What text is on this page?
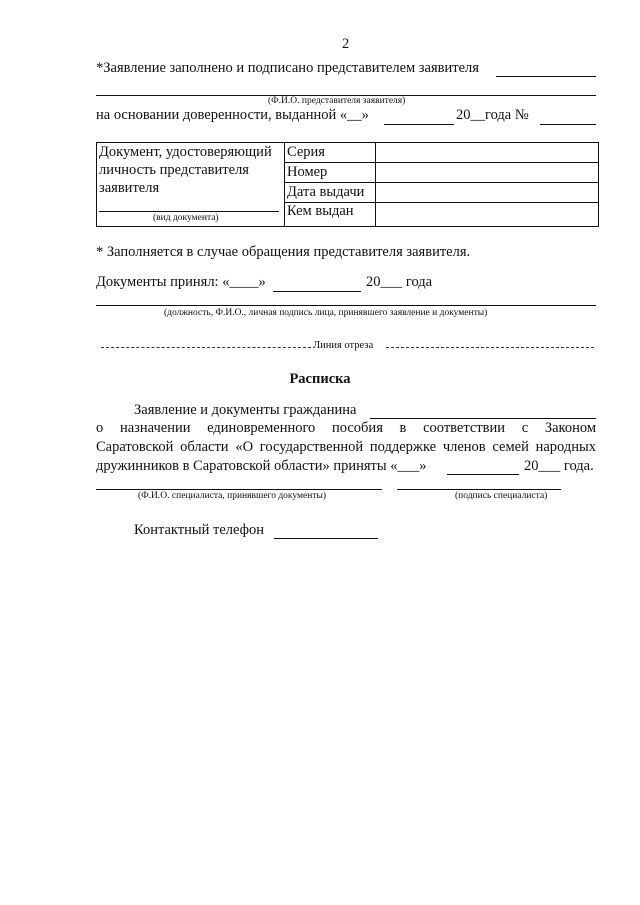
2
*Заявление заполнено и подписано представителем заявителя
(Ф.И.О. представителя заявителя)
на основании доверенности, выданной «__»	20__года №
Документ, удостоверяющий
личность представителя
заявителя
(вид документа)	Серия	
	Номер	
	Дата выдачи	
	Кем выдан	
* Заполняется в случае обращения представителя заявителя.
Документы принял: «____»	20___ года
(должность, Ф.И.О., личная подпись лица, принявшего заявление и документы)
Линия отреза
Расписка
Заявление и документы гражданина
о назначении единовременного пособия в соответствии с Законом
Саратовской области «О государственной поддержке членов семей народных
дружинников в Саратовской области» приняты «___»	20___ года.
(Ф.И.О. специалиста, принявшего документы)	(подпись специалиста)
Контактный телефон
